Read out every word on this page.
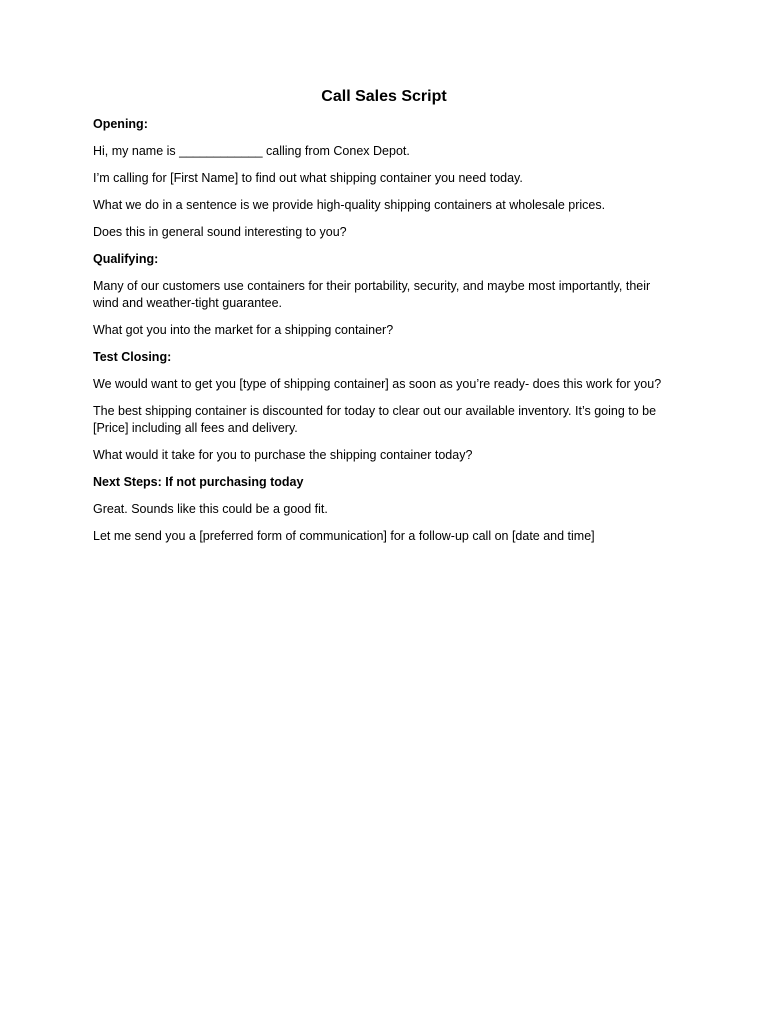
Call Sales Script
Opening:
Hi, my name is ____________ calling from Conex Depot.
I’m calling for [First Name] to find out what shipping container you need today.
What we do in a sentence is we provide high-quality shipping containers at wholesale prices.
Does this in general sound interesting to you?
Qualifying:
Many of our customers use containers for their portability, security, and maybe most importantly, their wind and weather-tight guarantee.
What got you into the market for a shipping container?
Test Closing:
We would want to get you [type of shipping container] as soon as you’re ready- does this work for you?
The best shipping container is discounted for today to clear out our available inventory. It’s going to be [Price] including all fees and delivery.
What would it take for you to purchase the shipping container today?
Next Steps: If not purchasing today
Great. Sounds like this could be a good fit.
Let me send you a [preferred form of communication] for a follow-up call on [date and time]
